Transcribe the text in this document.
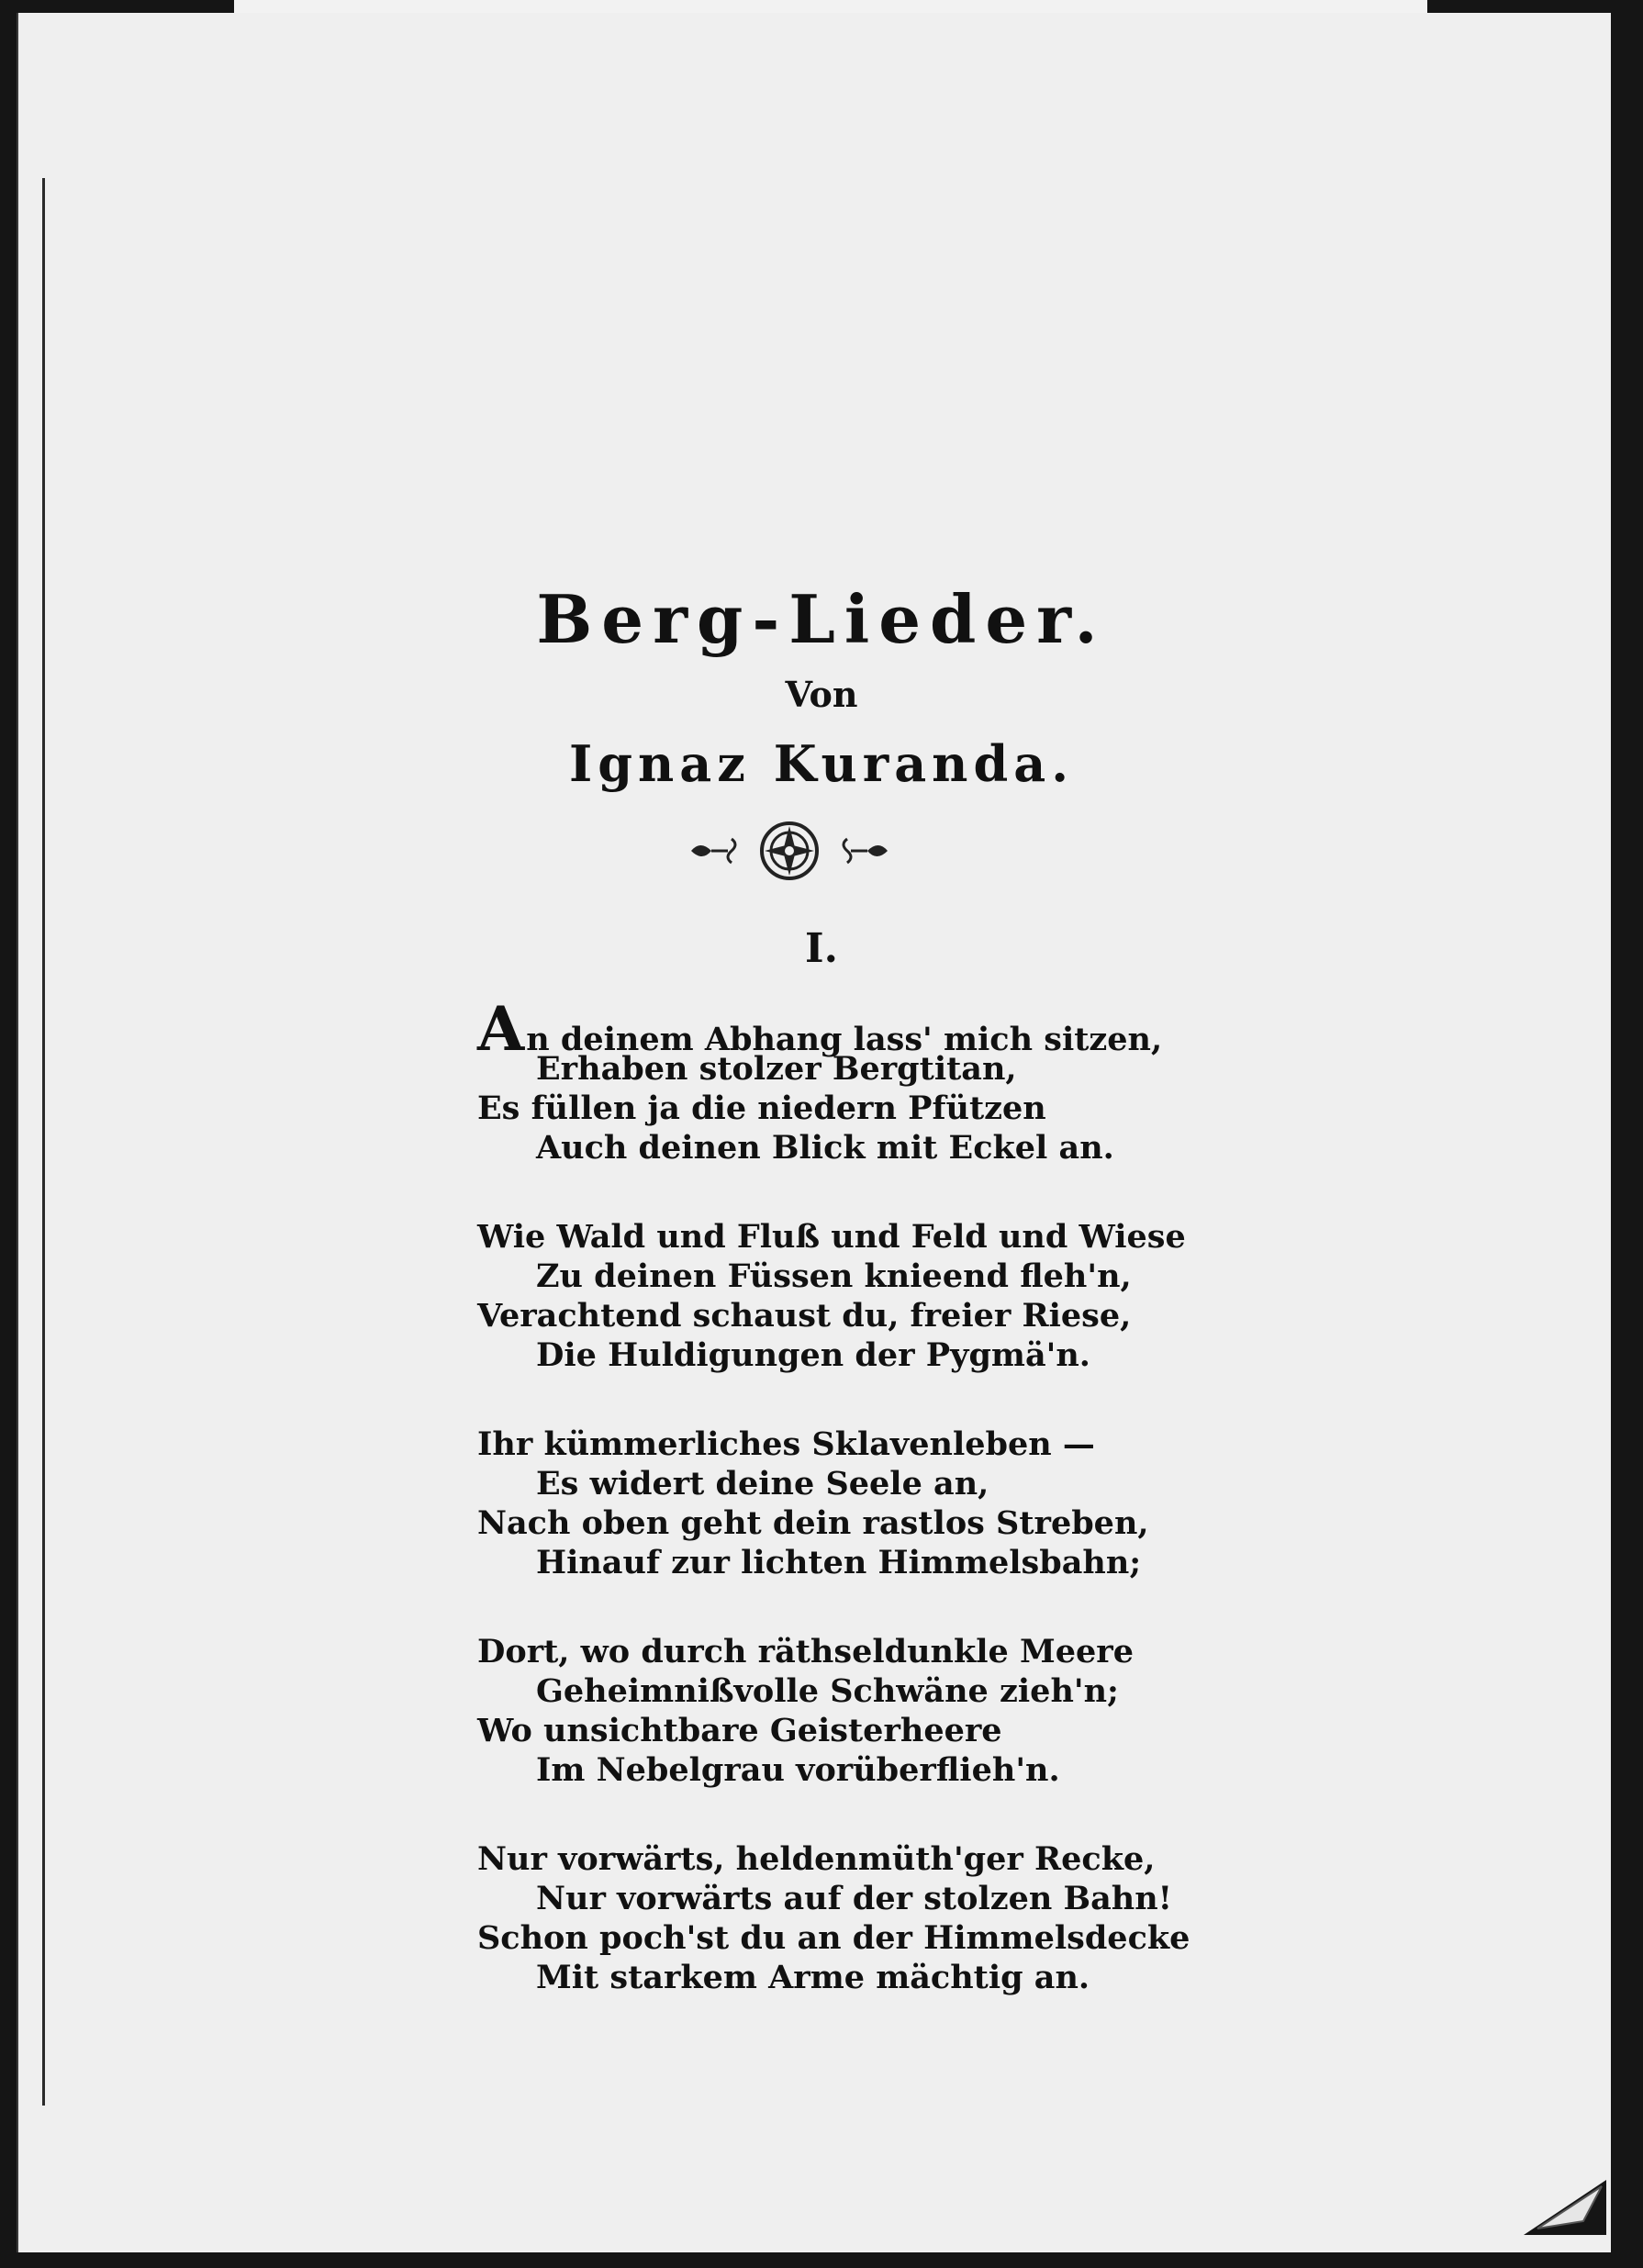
Berg-Lieder.
Von
Ignaz Kuranda.
I.
An deinem Abhang lass' mich sitzen,
Erhaben stolzer Bergtitan,
Es füllen ja die niedern Pfützen
Auch deinen Blick mit Eckel an.
Wie Wald und Fluß und Feld und Wiese
Zu deinen Füssen knieend fleh'n,
Verachtend schaust du, freier Riese,
Die Huldigungen der Pygmä'n.
Ihr kümmerliches Sklavenleben —
Es widert deine Seele an,
Nach oben geht dein rastlos Streben,
Hinauf zur lichten Himmelsbahn;
Dort, wo durch räthseldunkle Meere
Geheimnißvolle Schwäne zieh'n;
Wo unsichtbare Geisterheere
Im Nebelgrau vorüberflieh'n.
Nur vorwärts, heldenmüth'ger Recke,
Nur vorwärts auf der stolzen Bahn!
Schon poch'st du an der Himmelsdecke
Mit starkem Arme mächtig an.
